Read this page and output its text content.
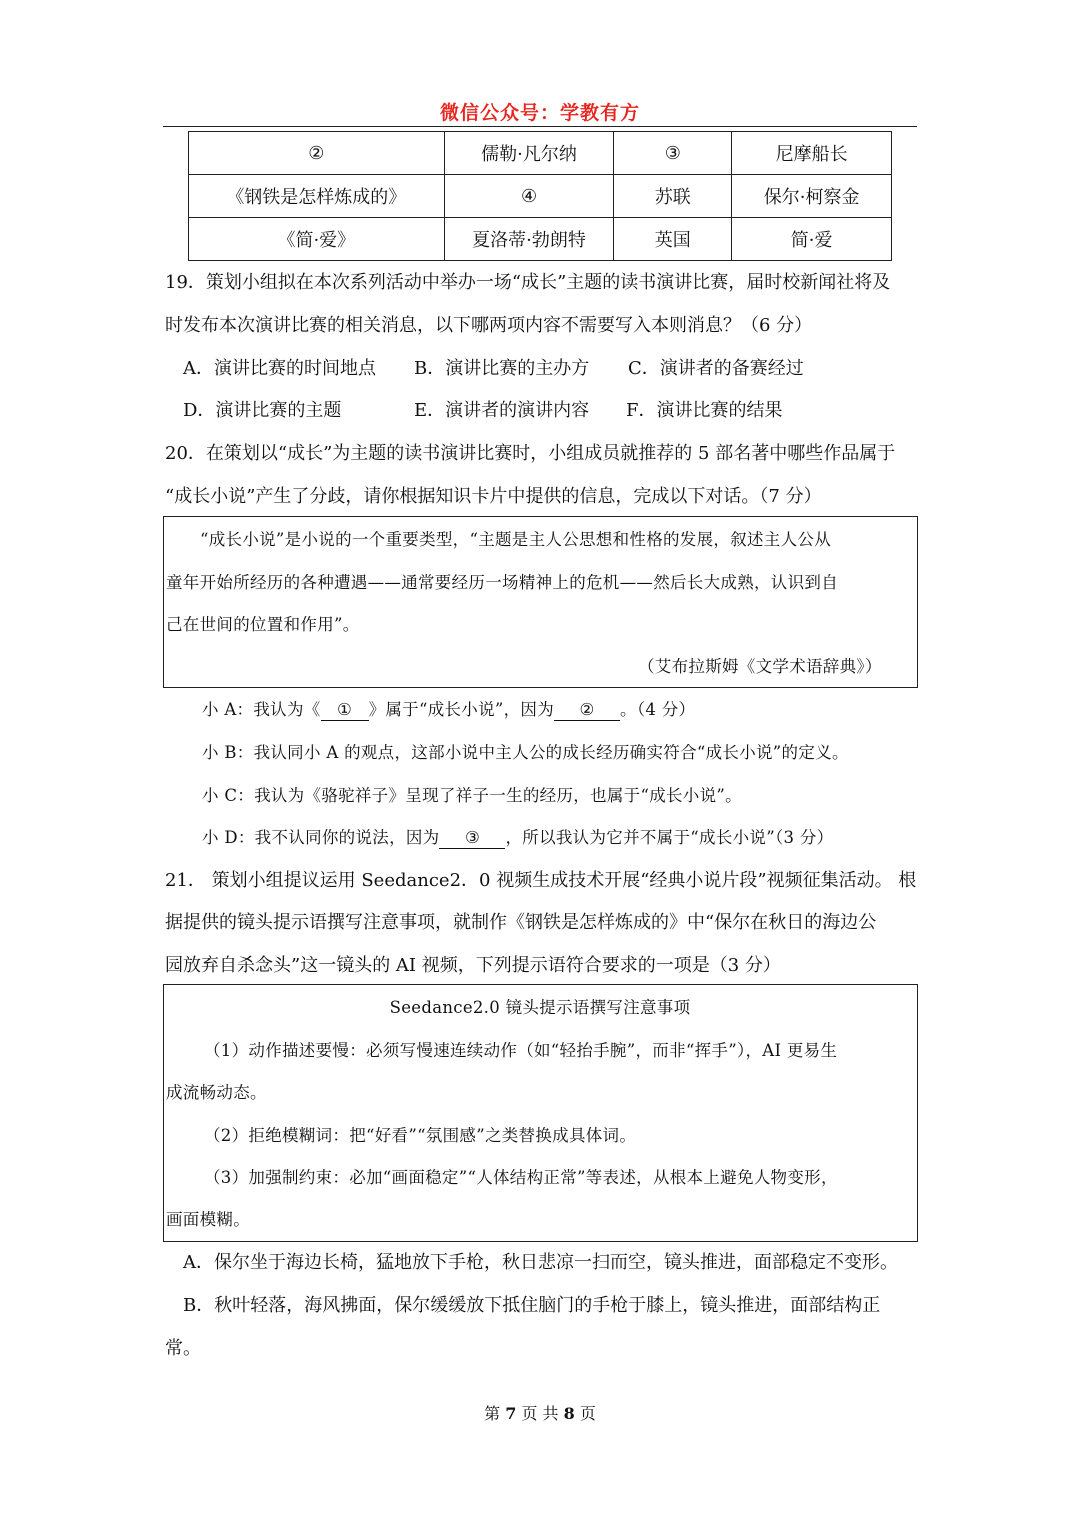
微信公众号：学教有方
②	儒勒·凡尔纳	③	尼摩船长
《钢铁是怎样炼成的》	④	苏联	保尔·柯察金
《简·爱》	夏洛蒂·勃朗特	英国	简·爱
19．策划小组拟在本次系列活动中举办一场“成长”主题的读书演讲比赛，届时校新闻社将及
时发布本次演讲比赛的相关消息，以下哪两项内容不需要写入本则消息？（6 分）
A．演讲比赛的时间地点 B．演讲比赛的主办方 C．演讲者的备赛经过
D．演讲比赛的主题	E．演讲者的演讲内容 F．演讲比赛的结果
20．在策划以“成长”为主题的读书演讲比赛时，小组成员就推荐的 5 部名著中哪些作品属于
“成长小说”产生了分歧，请你根据知识卡片中提供的信息，完成以下对话。（7 分）
“成长小说”是小说的一个重要类型，“主题是主人公思想和性格的发展，叙述主人公从
童年开始所经历的各种遭遇——通常要经历一场精神上的危机——然后长大成熟，认识到自
己在世间的位置和作用”。
（艾布拉斯姆《文学术语辞典》）
小 A：我认为《 ① 》属于“成长小说”，因为 ② 。（4 分）
小 B：我认同小 A 的观点，这部小说中主人公的成长经历确实符合“成长小说”的定义。
小 C：我认为《骆驼祥子》呈现了祥子一生的经历，也属于“成长小说”。
小 D：我不认同你的说法，因为 ③ ，所以我认为它并不属于“成长小说”（3 分）
21． 策划小组提议运用 Seedance2．0 视频生成技术开展“经典小说片段”视频征集活动。 根
据提供的镜头提示语撰写注意事项，就制作《钢铁是怎样炼成的》中“保尔在秋日的海边公
园放弃自杀念头”这一镜头的 AI 视频，下列提示语符合要求的一项是（3 分）
Seedance2.0 镜头提示语撰写注意事项
（1）动作描述要慢：必须写慢速连续动作（如“轻抬手腕”，而非“挥手”），AI 更易生
成流畅动态。
（2）拒绝模糊词：把“好看”“氛围感”之类替换成具体词。
（3）加强制约束：必加“画面稳定”“人体结构正常”等表述，从根本上避免人物变形，
画面模糊。
A．保尔坐于海边长椅，猛地放下手枪，秋日悲凉一扫而空，镜头推进，面部稳定不变形。
B．秋叶轻落，海风拂面，保尔缓缓放下抵住脑门的手枪于膝上，镜头推进，面部结构正
常。
第 7 页 共 8 页
